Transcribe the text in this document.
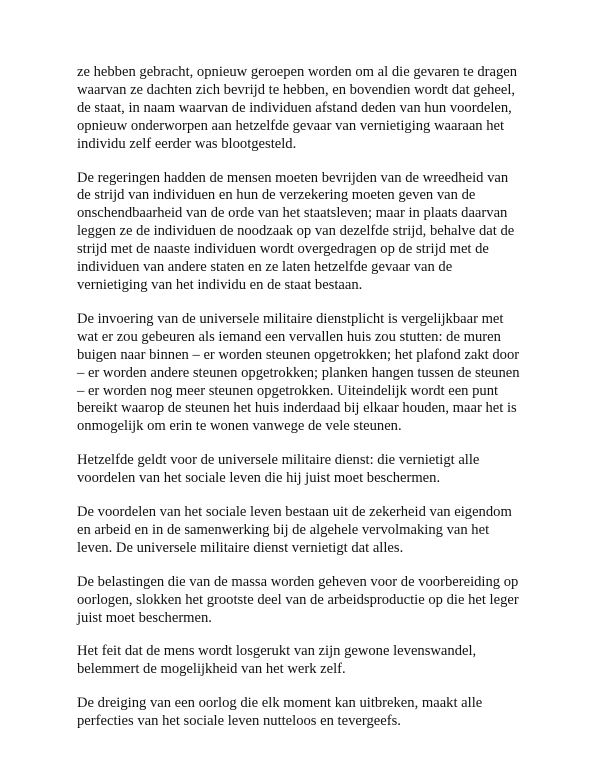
ze hebben gebracht, opnieuw geroepen worden om al die gevaren te dragen
waarvan ze dachten zich bevrijd te hebben, en bovendien wordt dat geheel,
de staat, in naam waarvan de individuen afstand deden van hun voordelen,
opnieuw onderworpen aan hetzelfde gevaar van vernietiging waaraan het
individu zelf eerder was blootgesteld.

De regeringen hadden de mensen moeten bevrijden van de wreedheid van
de strijd van individuen en hun de verzekering moeten geven van de
onschendbaarheid van de orde van het staatsleven; maar in plaats daarvan
leggen ze de individuen de noodzaak op van dezelfde strijd, behalve dat de
strijd met de naaste individuen wordt overgedragen op de strijd met de
individuen van andere staten en ze laten hetzelfde gevaar van de
vernietiging van het individu en de staat bestaan.

De invoering van de universele militaire dienstplicht is vergelijkbaar met
wat er zou gebeuren als iemand een vervallen huis zou stutten: de muren
buigen naar binnen – er worden steunen opgetrokken; het plafond zakt door
– er worden andere steunen opgetrokken; planken hangen tussen de steunen
– er worden nog meer steunen opgetrokken. Uiteindelijk wordt een punt
bereikt waarop de steunen het huis inderdaad bij elkaar houden, maar het is
onmogelijk om erin te wonen vanwege de vele steunen.

Hetzelfde geldt voor de universele militaire dienst: die vernietigt alle
voordelen van het sociale leven die hij juist moet beschermen.

De voordelen van het sociale leven bestaan uit de zekerheid van eigendom
en arbeid en in de samenwerking bij de algehele vervolmaking van het
leven. De universele militaire dienst vernietigt dat alles.

De belastingen die van de massa worden geheven voor de voorbereiding op
oorlogen, slokken het grootste deel van de arbeidsproductie op die het leger
juist moet beschermen.

Het feit dat de mens wordt losgerukt van zijn gewone levenswandel,
belemmert de mogelijkheid van het werk zelf.

De dreiging van een oorlog die elk moment kan uitbreken, maakt alle
perfecties van het sociale leven nutteloos en tevergeefs.
